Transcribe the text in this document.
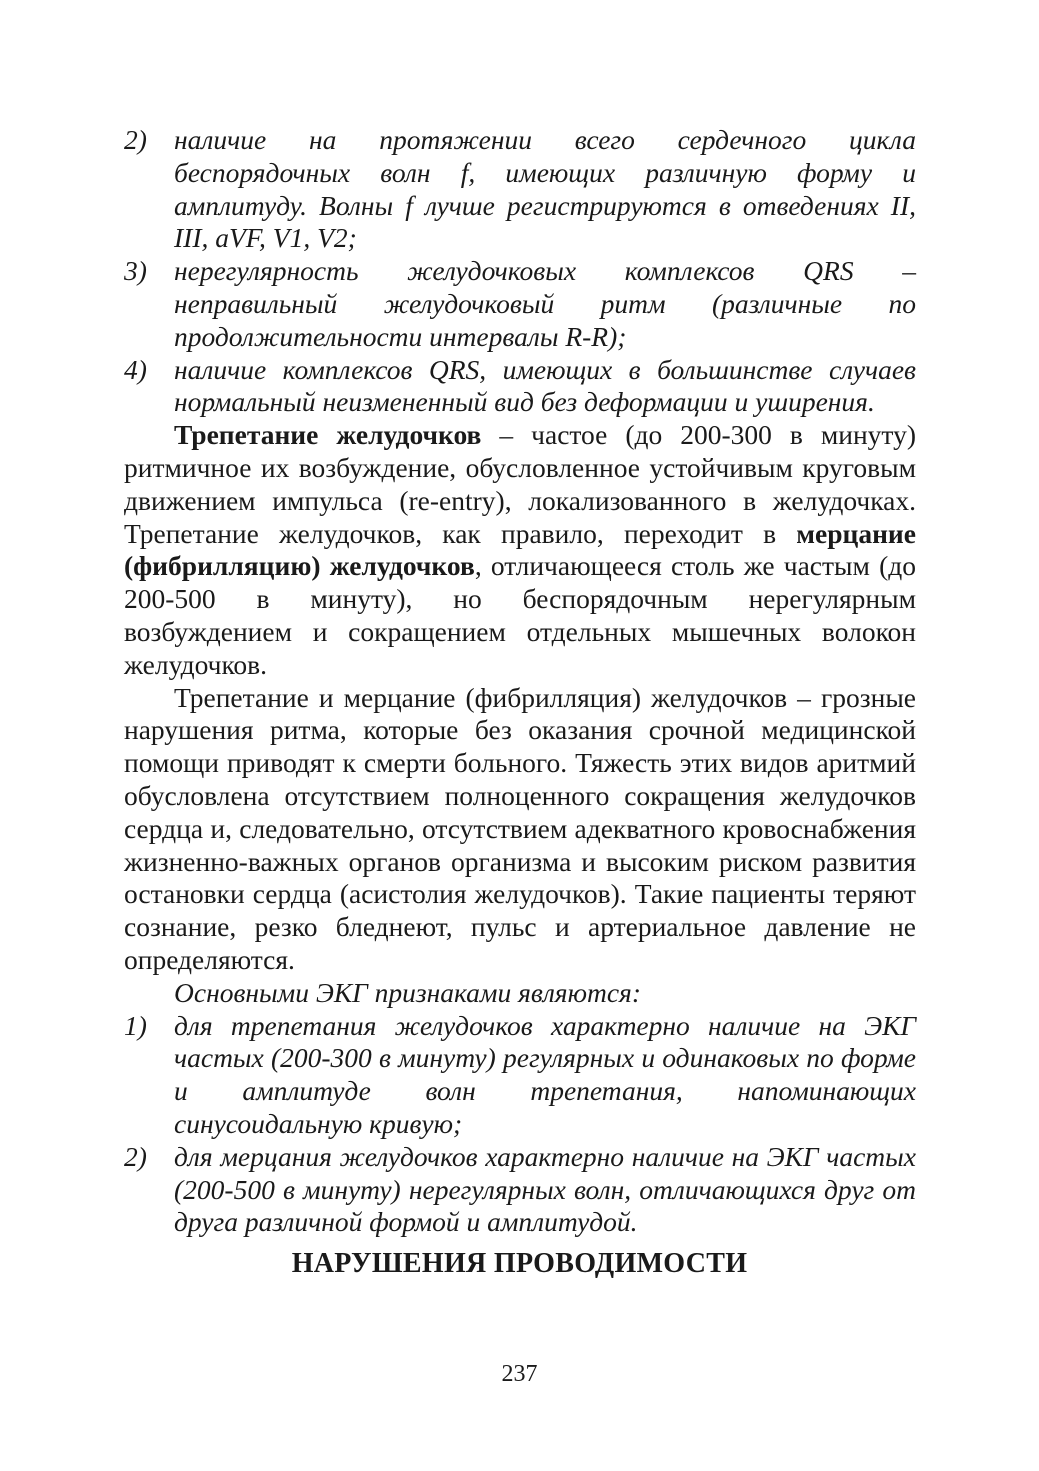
2) наличие на протяжении всего сердечного цикла беспорядочных волн f, имеющих различную форму и амплитуду. Волны f лучше регистрируются в отведениях II, III, aVF, V1, V2;
3) нерегулярность желудочковых комплексов QRS – неправильный желудочковый ритм (различные по продолжительности интервалы R-R);
4) наличие комплексов QRS, имеющих в большинстве случаев нормальный неизмененный вид без деформации и уширения.

Трепетание желудочков – частое (до 200-300 в минуту) ритмичное их возбуждение, обусловленное устойчивым круговым движением импульса (re-entry), локализованного в желудочках. Трепетание желудочков, как правило, переходит в мерцание (фибрилляцию) желудочков, отличающееся столь же частым (до 200-500 в минуту), но беспорядочным нерегулярным возбуждением и сокращением отдельных мышечных волокон желудочков.

Трепетание и мерцание (фибрилляция) желудочков – грозные нарушения ритма, которые без оказания срочной медицинской помощи приводят к смерти больного. Тяжесть этих видов аритмий обусловлена отсутствием полноценного сокращения желудочков сердца и, следовательно, отсутствием адекватного кровоснабжения жизненно-важных органов организма и высоким риском развития остановки сердца (асистолия желудочков). Такие пациенты теряют сознание, резко бледнеют, пульс и артериальное давление не определяются.

Основными ЭКГ признаками являются:

1) для трепетания желудочков характерно наличие на ЭКГ частых (200-300 в минуту) регулярных и одинаковых по форме и амплитуде волн трепетания, напоминающих синусоидальную кривую;
2) для мерцания желудочков характерно наличие на ЭКГ частых (200-500 в минуту) нерегулярных волн, отличающихся друг от друга различной формой и амплитудой.
НАРУШЕНИЯ ПРОВОДИМОСТИ
237
